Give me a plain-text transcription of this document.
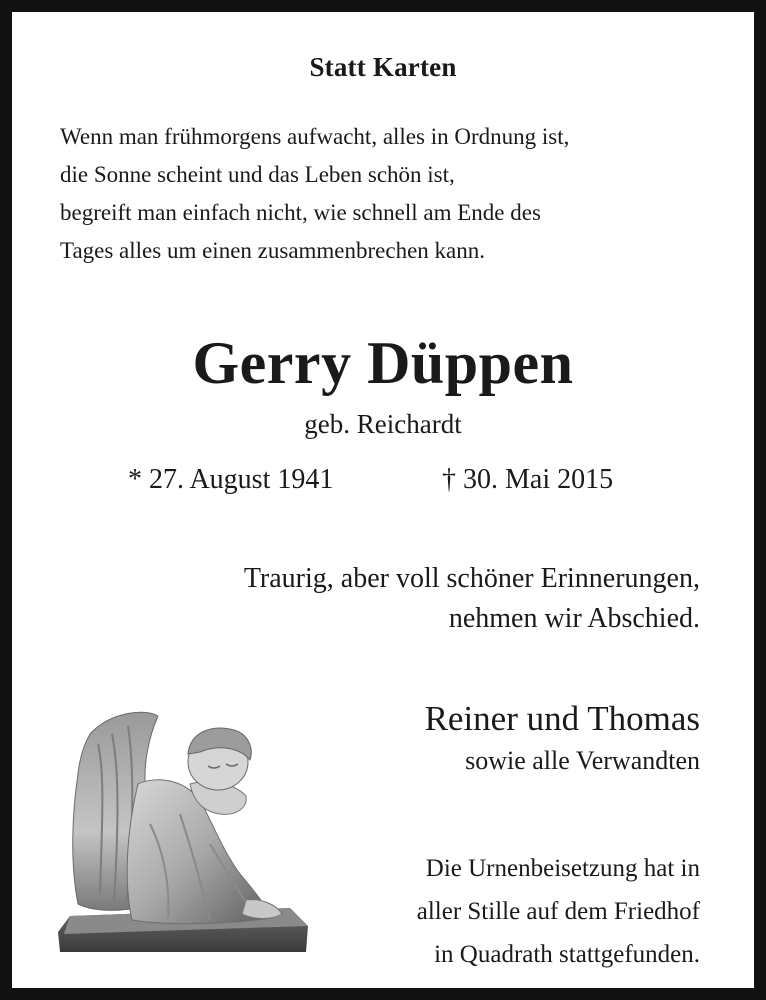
Statt Karten
Wenn man frühmorgens aufwacht, alles in Ordnung ist,
die Sonne scheint und das Leben schön ist,
begreift man einfach nicht, wie schnell am Ende des
Tages alles um einen zusammenbrechen kann.
Gerry Düppen
geb. Reichardt
* 27. August 1941	† 30. Mai 2015
Traurig, aber voll schöner Erinnerungen,
nehmen wir Abschied.
Reiner und Thomas
sowie alle Verwandten
Die Urnenbeisetzung hat in
aller Stille auf dem Friedhof
in Quadrath stattgefunden.
